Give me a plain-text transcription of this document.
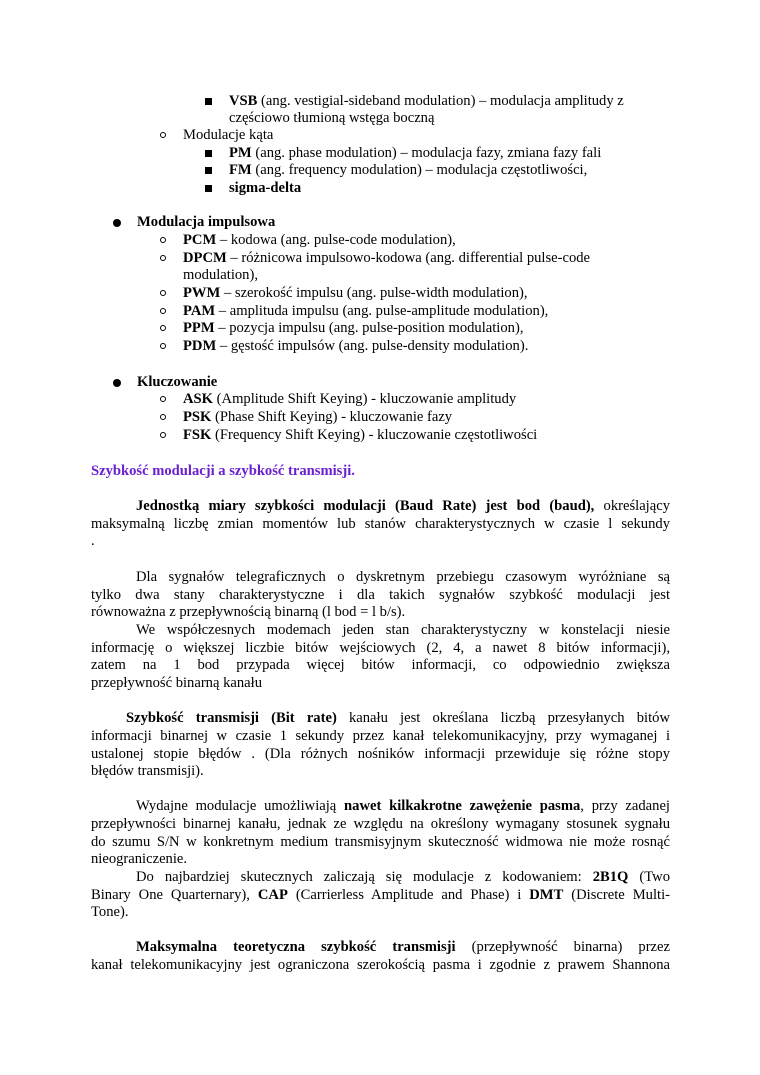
VSB (ang. vestigial-sideband modulation) – modulacja amplitudy z
częściowo tłumioną wstęga boczną
Modulacje kąta
PM (ang. phase modulation) – modulacja fazy, zmiana fazy fali
FM (ang. frequency modulation) – modulacja częstotliwości,
sigma-delta
Modulacja impulsowa
PCM – kodowa (ang. pulse-code modulation),
DPCM – różnicowa impulsowo-kodowa (ang. differential pulse-code
modulation),
PWM – szerokość impulsu (ang. pulse-width modulation),
PAM – amplituda impulsu (ang. pulse-amplitude modulation),
PPM – pozycja impulsu (ang. pulse-position modulation),
PDM – gęstość impulsów (ang. pulse-density modulation).
Kluczowanie
ASK (Amplitude Shift Keying) - kluczowanie amplitudy
PSK (Phase Shift Keying) - kluczowanie fazy
FSK (Frequency Shift Keying) - kluczowanie częstotliwości
Szybkość modulacji a szybkość transmisji.
Jednostką miary szybkości modulacji (Baud Rate) jest bod (baud), określający
maksymalną liczbę zmian momentów lub stanów charakterystycznych w czasie l sekundy
.
Dla sygnałów telegraficznych o dyskretnym przebiegu czasowym wyróżniane są
tylko dwa stany charakterystyczne i dla takich sygnałów szybkość modulacji jest
równoważna z przepływnością binarną (l bod = l b/s).
We współczesnych modemach jeden stan charakterystyczny w konstelacji niesie
informację o większej liczbie bitów wejściowych (2, 4, a nawet 8 bitów informacji),
zatem na 1 bod przypada więcej bitów informacji, co odpowiednio zwiększa
przepływność binarną kanału
Szybkość transmisji (Bit rate) kanału jest określana liczbą przesyłanych bitów
informacji binarnej w czasie 1 sekundy przez kanał telekomunikacyjny, przy wymaganej i
ustalonej stopie błędów . (Dla różnych nośników informacji przewiduje się różne stopy
błędów transmisji).
Wydajne modulacje umożliwiają nawet kilkakrotne zawężenie pasma, przy zadanej
przepływności binarnej kanału, jednak ze względu na określony wymagany stosunek sygnału
do szumu S/N w konkretnym medium transmisyjnym skuteczność widmowa nie może rosnąć
nieograniczenie.
Do najbardziej skutecznych zaliczają się modulacje z kodowaniem: 2B1Q (Two
Binary One Quarternary), CAP (Carrierless Amplitude and Phase) i DMT (Discrete Multi-
Tone).
Maksymalna teoretyczna szybkość transmisji (przepływność binarna) przez
kanał telekomunikacyjny jest ograniczona szerokością pasma i zgodnie z prawem Shannona
